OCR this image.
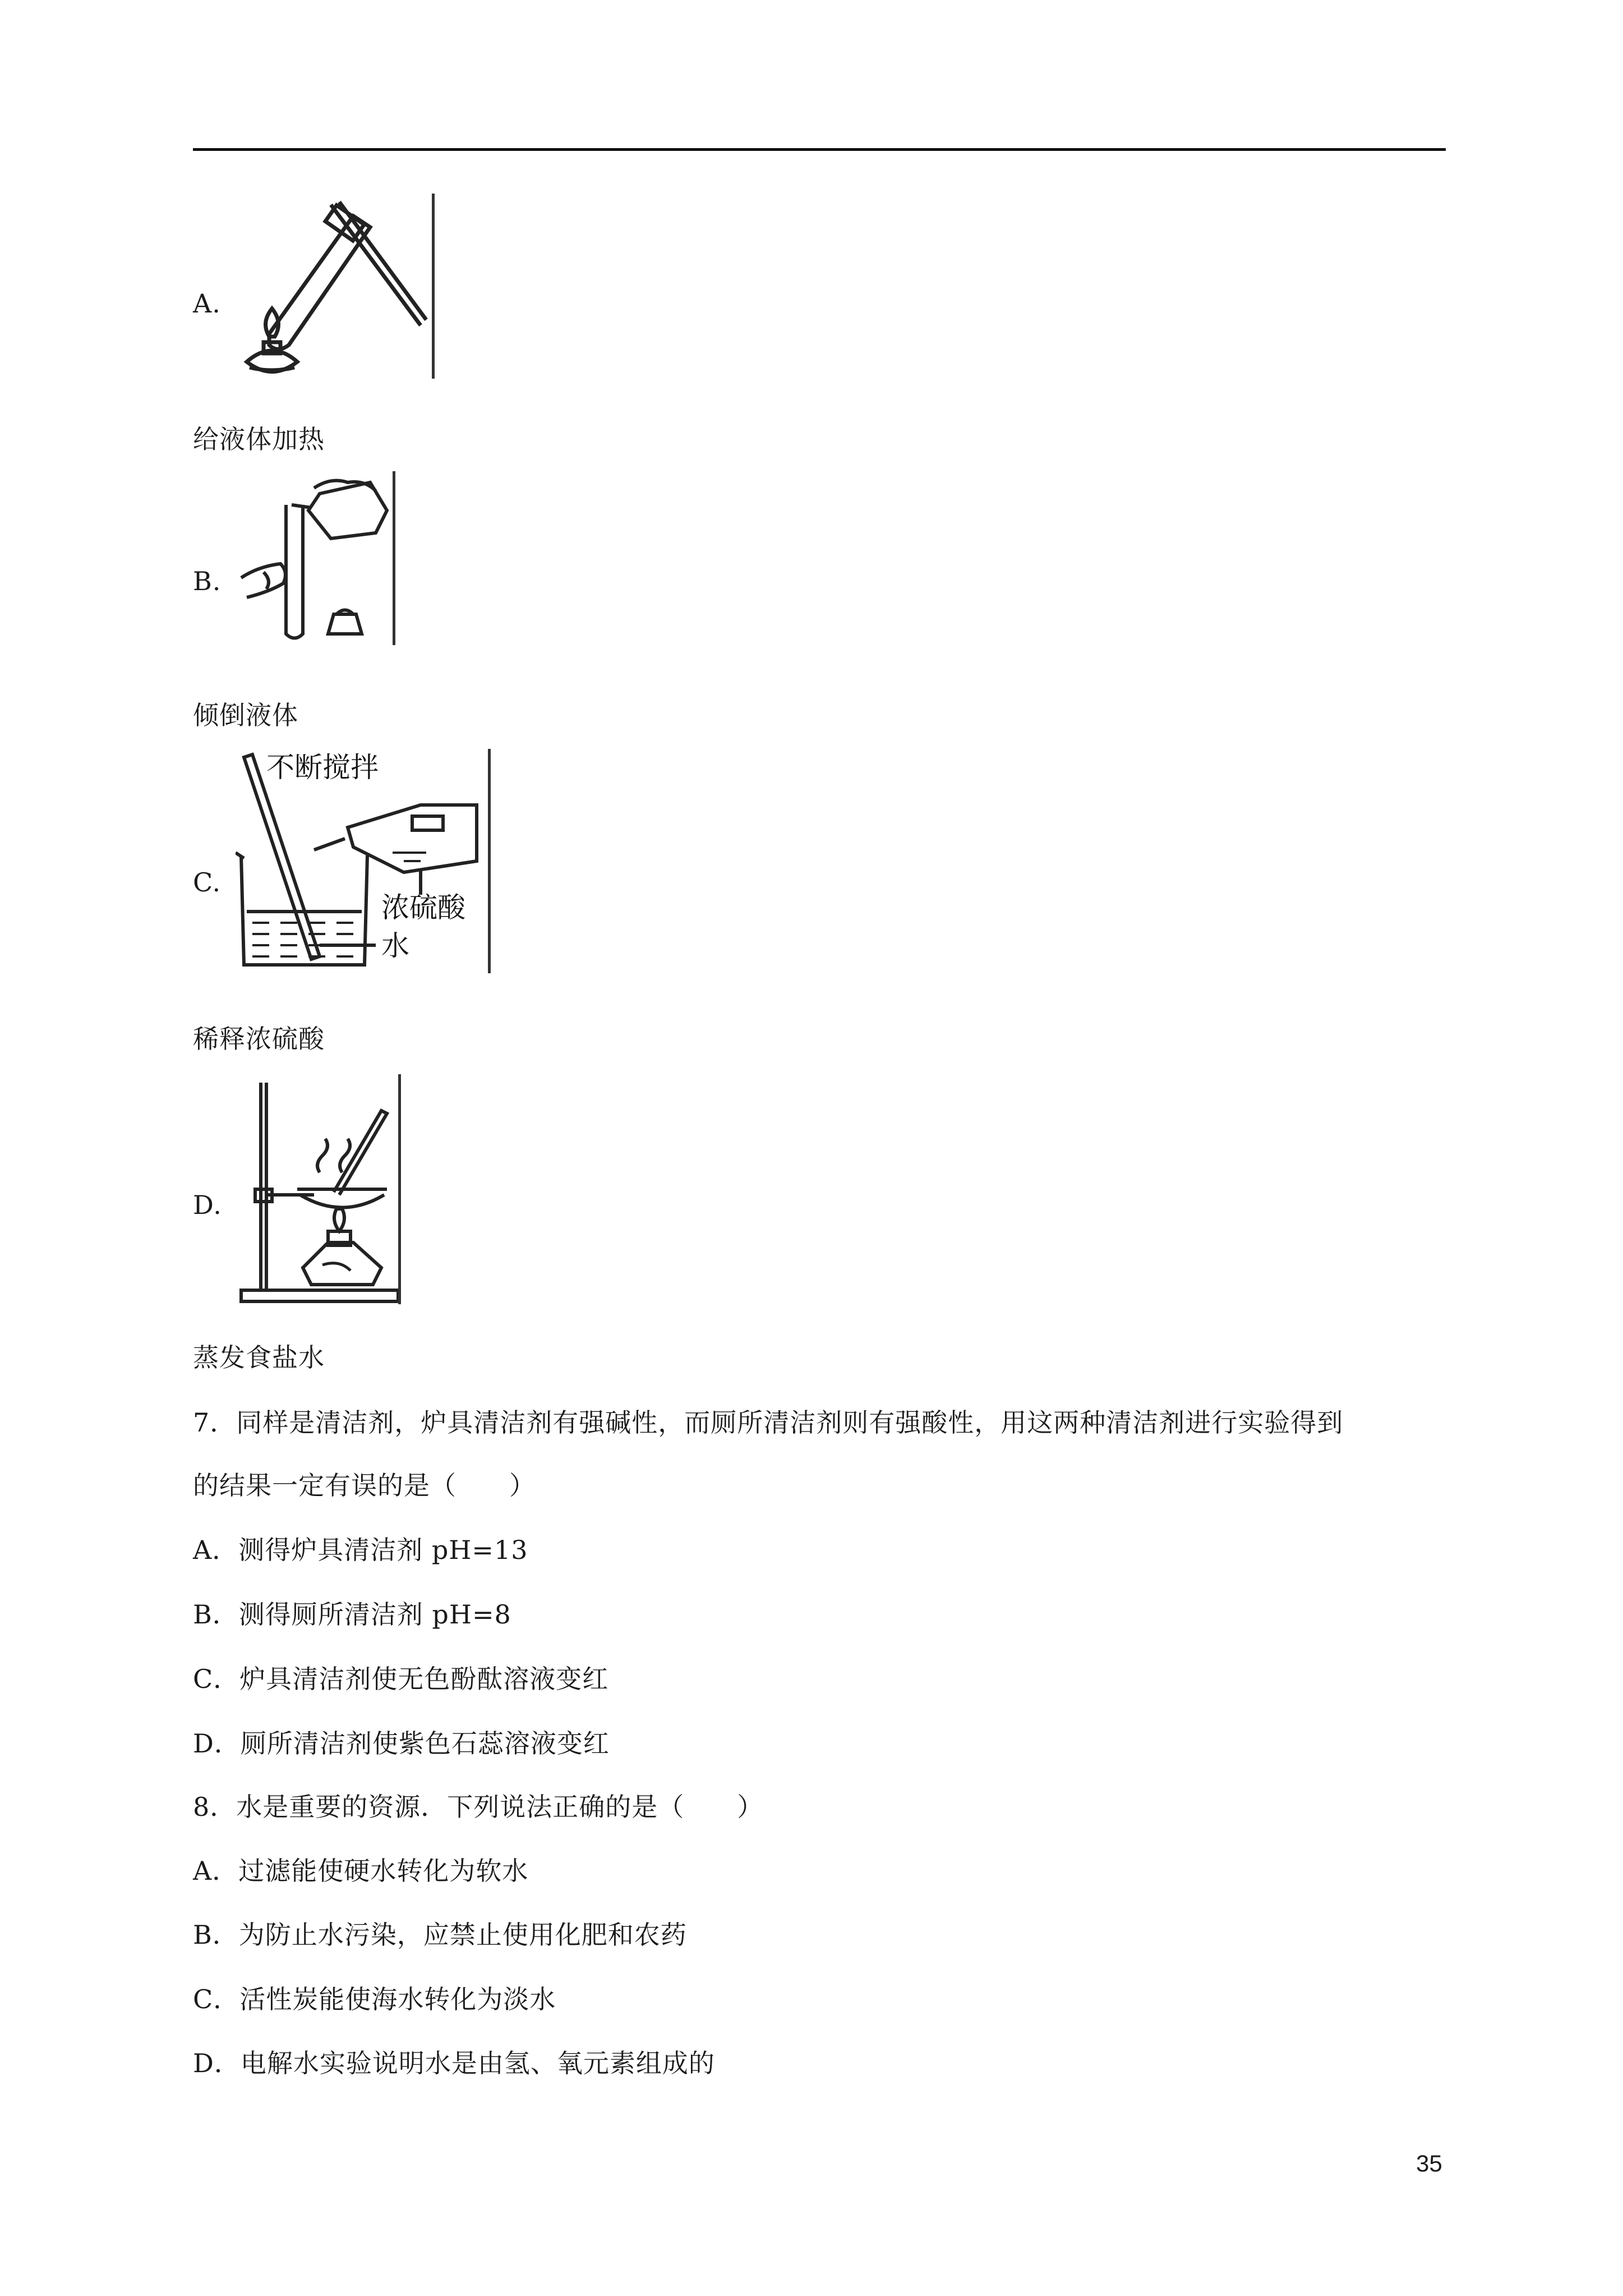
A.
给液体加热
B.
倾倒液体
C.
不断搅拌
浓硫酸
水
稀释浓硫酸
D.
蒸发食盐水
7．同样是清洁剂，炉具清洁剂有强碱性，而厕所清洁剂则有强酸性，用这两种清洁剂进行实验得到
的结果一定有误的是（　　）
A．测得炉具清洁剂 pH=13
B．测得厕所清洁剂 pH=8
C．炉具清洁剂使无色酚酞溶液变红
D．厕所清洁剂使紫色石蕊溶液变红
8．水是重要的资源．下列说法正确的是（　　）
A．过滤能使硬水转化为软水
B．为防止水污染，应禁止使用化肥和农药
C．活性炭能使海水转化为淡水
D．电解水实验说明水是由氢、氧元素组成的
35
